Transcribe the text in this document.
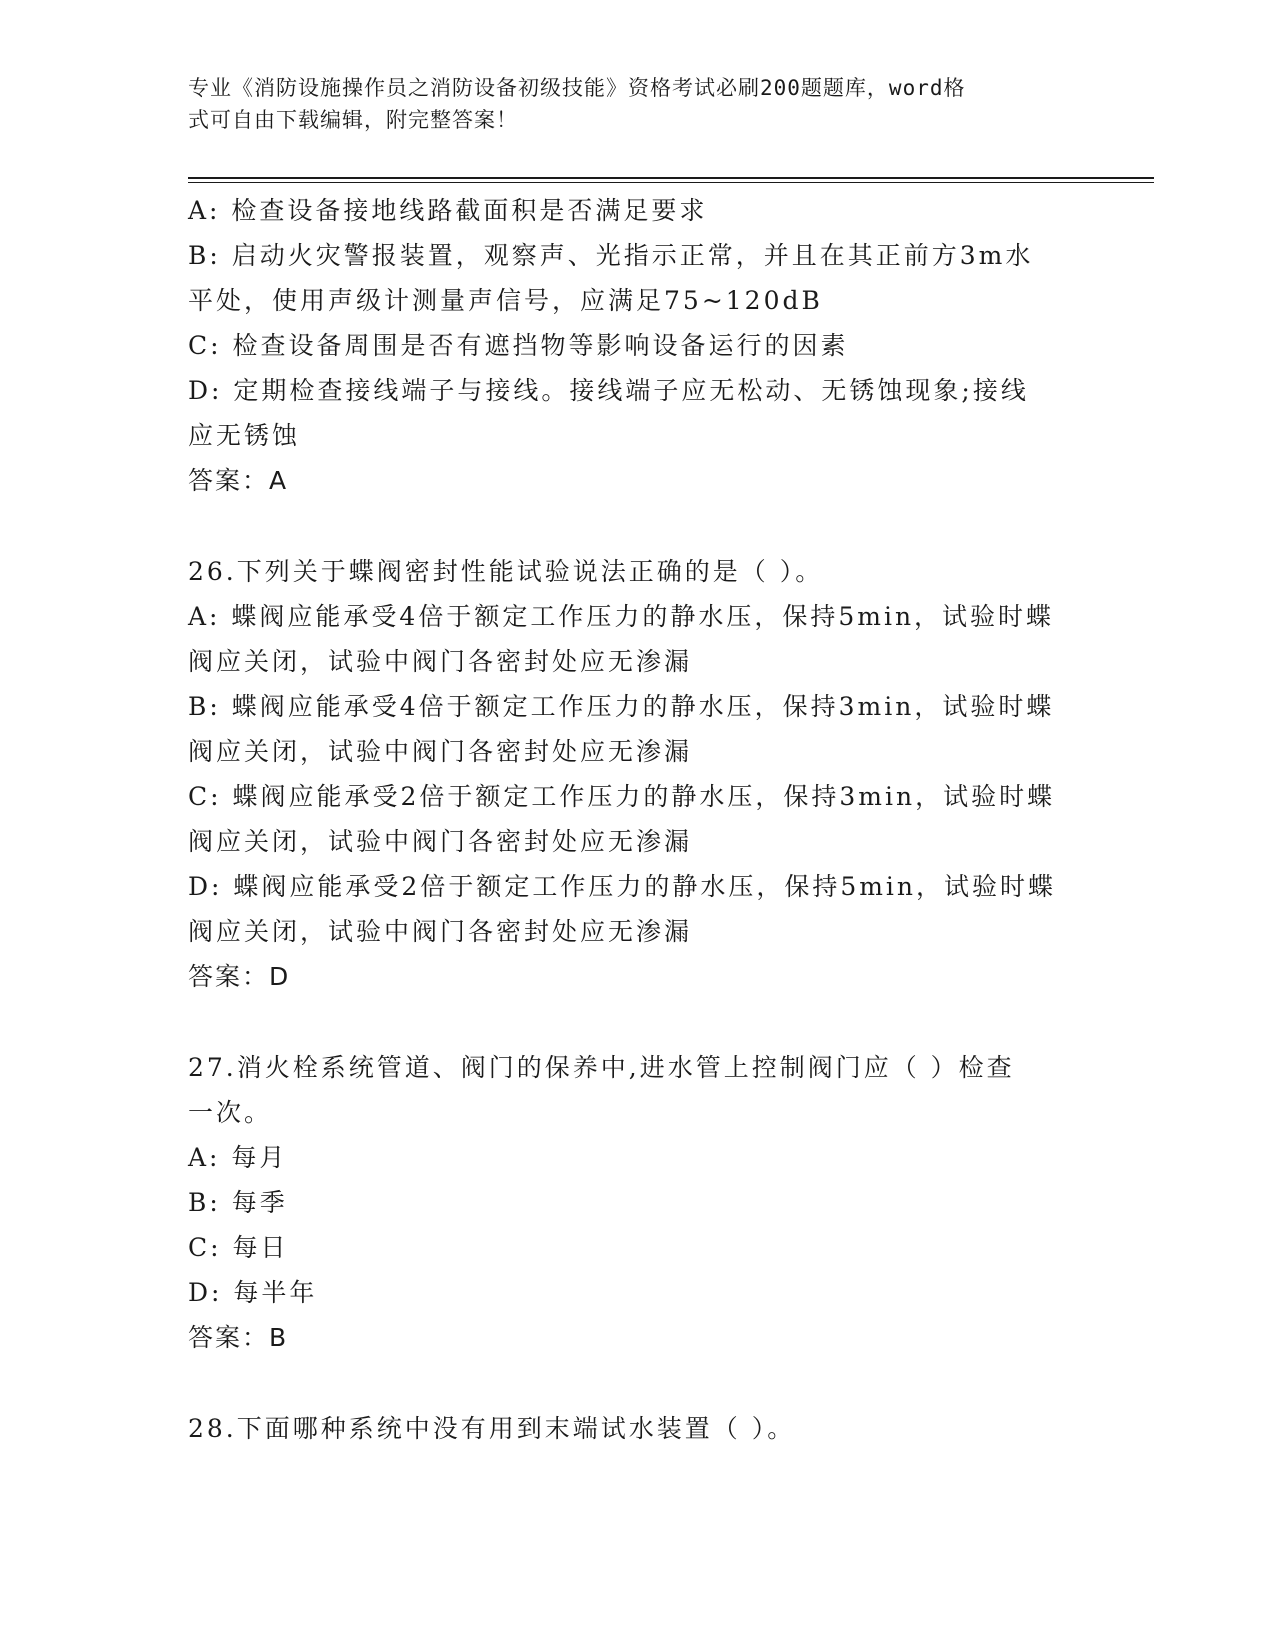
专业《消防设施操作员之消防设备初级技能》资格考试必刷200题题库，word格
式可自由下载编辑，附完整答案！
A: 检查设备接地线路截面积是否满足要求
B: 启动火灾警报装置，观察声、光指示正常，并且在其正前方3m水
平处，使用声级计测量声信号，应满足75~120dB
C: 检查设备周围是否有遮挡物等影响设备运行的因素
D: 定期检查接线端子与接线。接线端子应无松动、无锈蚀现象;接线
应无锈蚀
答案：A
26.下列关于蝶阀密封性能试验说法正确的是（ ）。
A: 蝶阀应能承受4倍于额定工作压力的静水压，保持5min，试验时蝶
阀应关闭，试验中阀门各密封处应无渗漏
B: 蝶阀应能承受4倍于额定工作压力的静水压，保持3min，试验时蝶
阀应关闭，试验中阀门各密封处应无渗漏
C: 蝶阀应能承受2倍于额定工作压力的静水压，保持3min，试验时蝶
阀应关闭，试验中阀门各密封处应无渗漏
D: 蝶阀应能承受2倍于额定工作压力的静水压，保持5min，试验时蝶
阀应关闭，试验中阀门各密封处应无渗漏
答案：D
27.消火栓系统管道、阀门的保养中,进水管上控制阀门应（ ）检查
一次。
A: 每月
B: 每季
C: 每日
D: 每半年
答案：B
28.下面哪种系统中没有用到末端试水装置（ ）。
